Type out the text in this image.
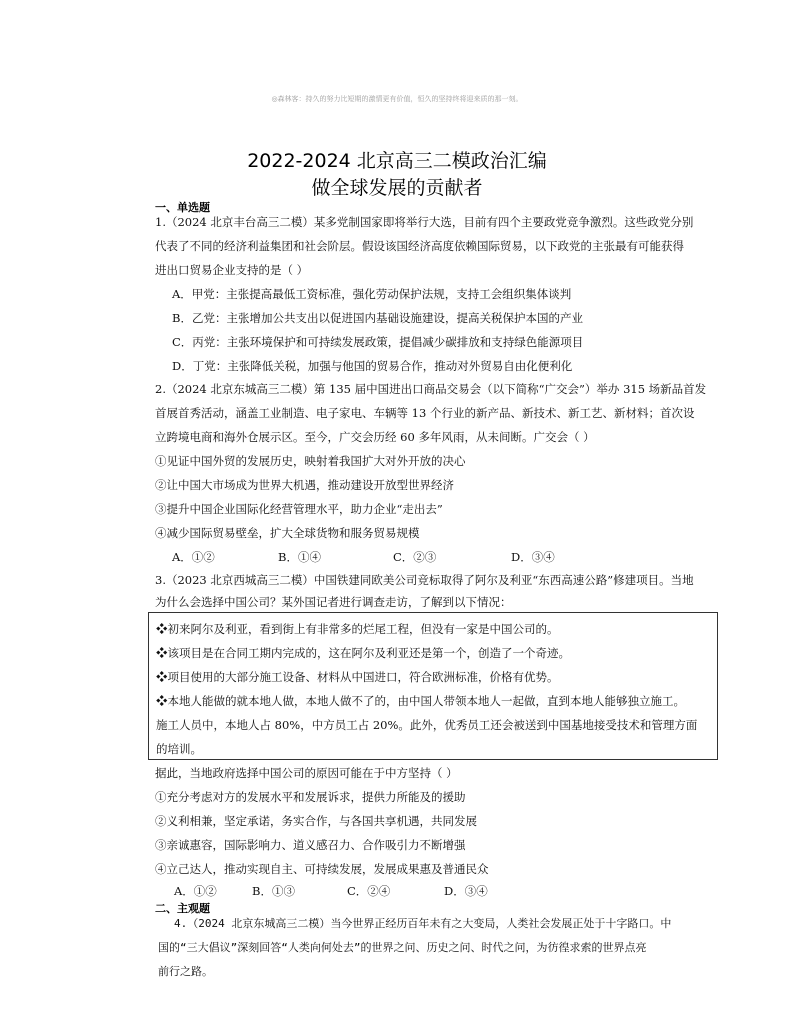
◎森林客：持久的努力比短期的激情更有价值，恒久的坚持终将迎来质的那一刻。
2022-2024 北京高三二模政治汇编
做全球发展的贡献者
一、单选题
1.（2024 北京丰台高三二模）某多党制国家即将举行大选，目前有四个主要政党竞争激烈。这些政党分别
代表了不同的经济利益集团和社会阶层。假设该国经济高度依赖国际贸易，以下政党的主张最有可能获得
进出口贸易企业支持的是（ ）
A．甲党：主张提高最低工资标准，强化劳动保护法规，支持工会组织集体谈判
B．乙党：主张增加公共支出以促进国内基础设施建设，提高关税保护本国的产业
C．丙党：主张环境保护和可持续发展政策，提倡减少碳排放和支持绿色能源项目
D．丁党：主张降低关税，加强与他国的贸易合作，推动对外贸易自由化便利化
2.（2024 北京东城高三二模）第 135 届中国进出口商品交易会（以下简称“广交会”）举办 315 场新品首发
首展首秀活动，涵盖工业制造、电子家电、车辆等 13 个行业的新产品、新技术、新工艺、新材料；首次设
立跨境电商和海外仓展示区。至今，广交会历经 60 多年风雨，从未间断。广交会（ ）
①见证中国外贸的发展历史，映射着我国扩大对外开放的决心
②让中国大市场成为世界大机遇，推动建设开放型世界经济
③提升中国企业国际化经营管理水平，助力企业“走出去”
④减少国际贸易壁垒，扩大全球货物和服务贸易规模
A．①②	B．①④	C．②③	D．③④
3.（2023 北京西城高三二模）中国铁建同欧美公司竞标取得了阿尔及利亚“东西高速公路”修建项目。当地
为什么会选择中国公司？某外国记者进行调查走访，了解到以下情况：
❖初来阿尔及利亚，看到街上有非常多的烂尾工程，但没有一家是中国公司的。
❖该项目是在合同工期内完成的，这在阿尔及利亚还是第一个，创造了一个奇迹。
❖项目使用的大部分施工设备、材料从中国进口，符合欧洲标准，价格有优势。
❖本地人能做的就本地人做，本地人做不了的，由中国人带领本地人一起做，直到本地人能够独立施工。
施工人员中，本地人占 80%，中方员工占 20%。此外，优秀员工还会被送到中国基地接受技术和管理方面
的培训。
据此，当地政府选择中国公司的原因可能在于中方坚持（ ）
①充分考虑对方的发展水平和发展诉求，提供力所能及的援助
②义利相兼，坚定承诺，务实合作，与各国共享机遇，共同发展
③亲诚惠容，国际影响力、道义感召力、合作吸引力不断增强
④立己达人，推动实现自主、可持续发展，发展成果惠及普通民众
A．①②	B．①③	C．②④	D．③④
二、主观题
4.（2024 北京东城高三二模）当今世界正经历百年未有之大变局，人类社会发展正处于十字路口。中
国的“三大倡议”深刻回答“人类向何处去”的世界之问、历史之问、时代之问，为彷徨求索的世界点亮
前行之路。
